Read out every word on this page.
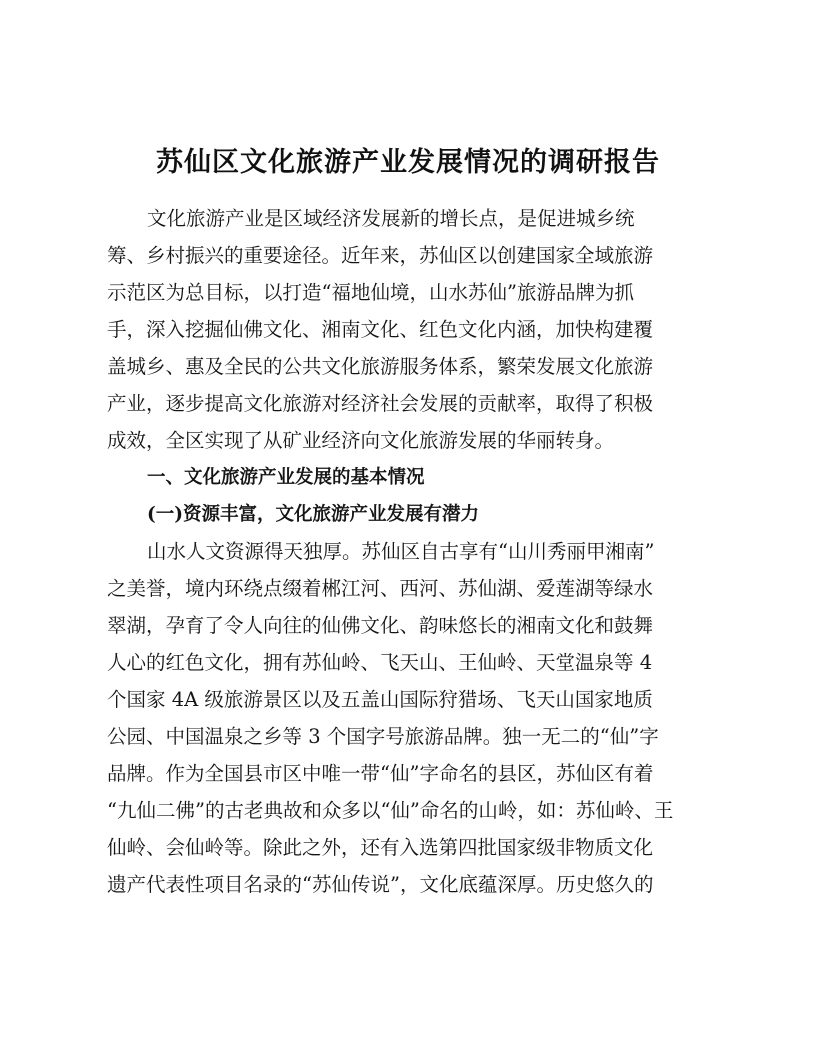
苏仙区文化旅游产业发展情况的调研报告
文化旅游产业是区域经济发展新的增长点，是促进城乡统
筹、乡村振兴的重要途径。近年来，苏仙区以创建国家全域旅游
示范区为总目标，以打造“福地仙境，山水苏仙”旅游品牌为抓
手，深入挖掘仙佛文化、湘南文化、红色文化内涵，加快构建覆
盖城乡、惠及全民的公共文化旅游服务体系，繁荣发展文化旅游
产业，逐步提高文化旅游对经济社会发展的贡献率，取得了积极
成效，全区实现了从矿业经济向文化旅游发展的华丽转身。
一、文化旅游产业发展的基本情况
(一)资源丰富，文化旅游产业发展有潜力
山水人文资源得天独厚。苏仙区自古享有“山川秀丽甲湘南”
之美誉，境内环绕点缀着郴江河、西河、苏仙湖、爱莲湖等绿水
翠湖，孕育了令人向往的仙佛文化、韵味悠长的湘南文化和鼓舞
人心的红色文化，拥有苏仙岭、飞天山、王仙岭、天堂温泉等 4
个国家 4A 级旅游景区以及五盖山国际狩猎场、飞天山国家地质
公园、中国温泉之乡等 3 个国字号旅游品牌。独一无二的“仙”字
品牌。作为全国县市区中唯一带“仙”字命名的县区，苏仙区有着
“九仙二佛”的古老典故和众多以“仙”命名的山岭，如：苏仙岭、王
仙岭、会仙岭等。除此之外，还有入选第四批国家级非物质文化
遗产代表性项目名录的“苏仙传说”，文化底蕴深厚。历史悠久的
